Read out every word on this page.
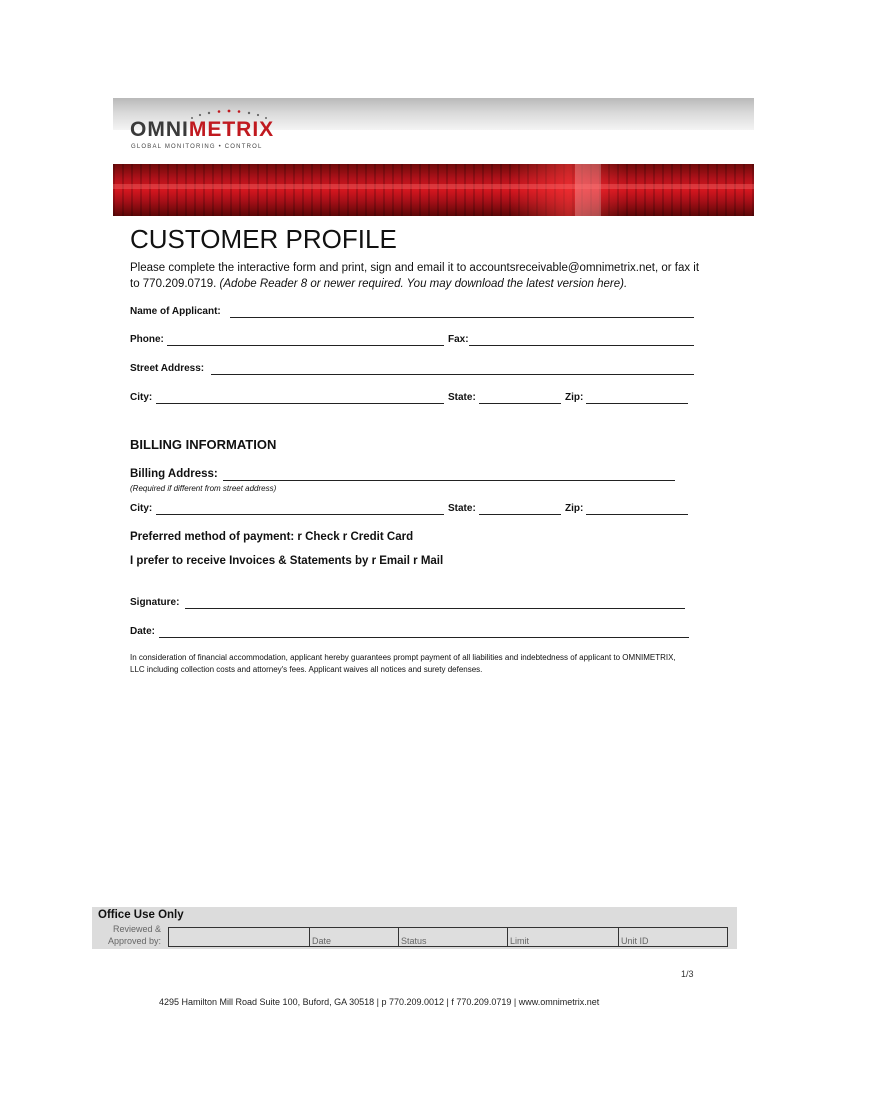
OMNIMETRIX
GLOBAL MONITORING • CONTROL
CUSTOMER PROFILE
Please complete the interactive form and print, sign and email it to accountsreceivable@omnimetrix.net, or fax it to 770.209.0719. (Adobe Reader 8 or newer required. You may download the latest version here).
Name of Applicant:
Phone:	Fax:
Street Address:
City:	State:	Zip:
BILLING INFORMATION
Billing Address:
(Required if different from street address)
City:	State:	Zip:
Preferred method of payment: r Check r Credit Card
I prefer to receive Invoices & Statements by r Email r Mail
Signature:
Date:
In consideration of financial accommodation, applicant hereby guarantees prompt payment of all liabilities and indebtedness of applicant to OMNIMETRIX, LLC including collection costs and attorney's fees. Applicant waives all notices and surety defenses.
Office Use Only
Reviewed &
Approved by:	Date	Status	Limit	Unit ID
1/3
4295 Hamilton Mill Road Suite 100, Buford, GA 30518 | p 770.209.0012 | f 770.209.0719 | www.omnimetrix.net
